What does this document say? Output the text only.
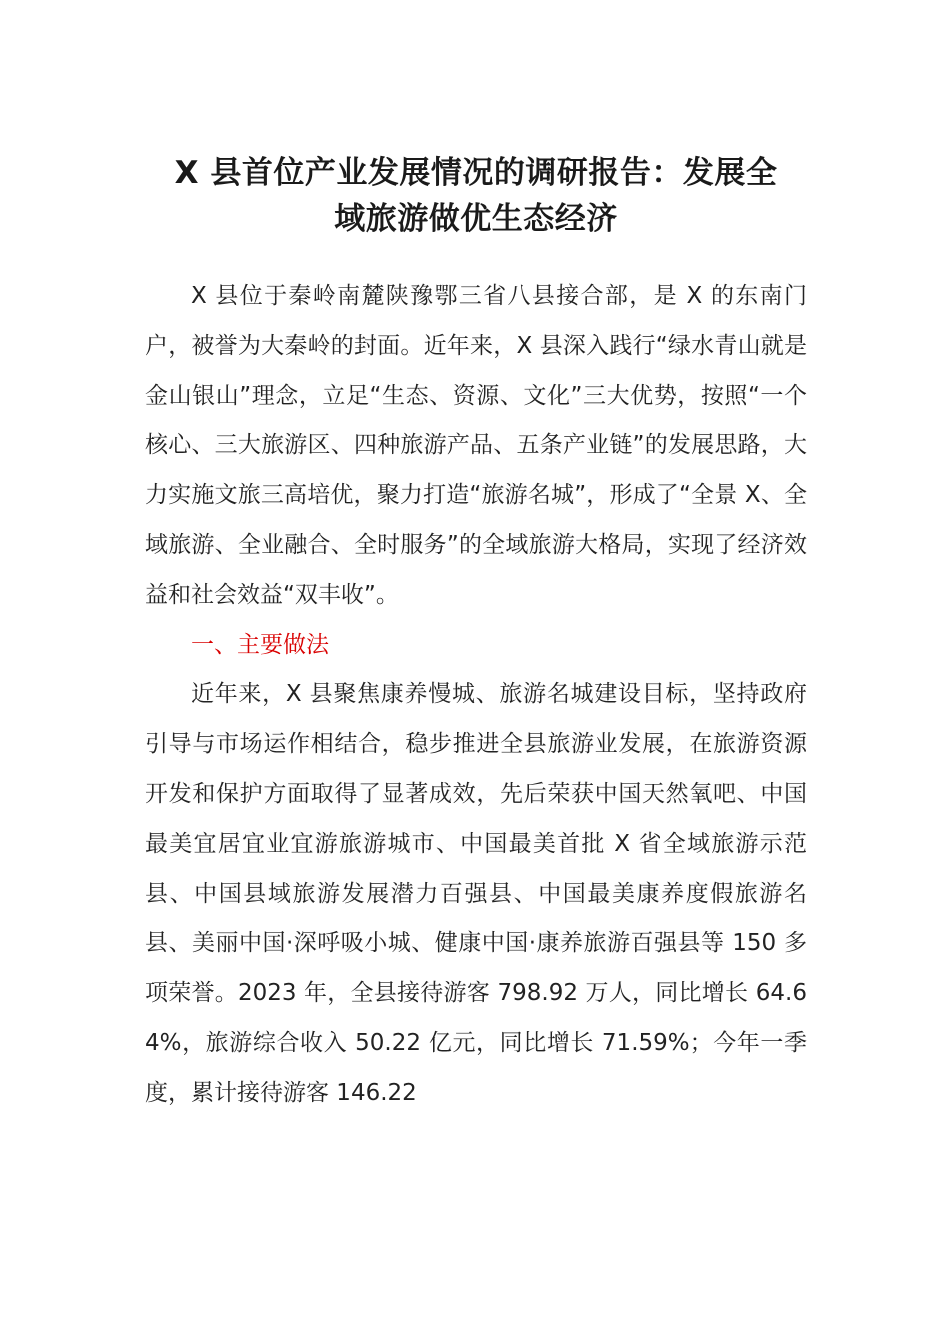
X 县首位产业发展情况的调研报告：发展全
域旅游做优生态经济

X 县位于秦岭南麓陕豫鄂三省八县接合部，是 X 的东南门户，被誉为大秦岭的封面。近年来，X 县深入践行“绿水青山就是金山银山”理念，立足“生态、资源、文化”三大优势，按照“一个核心、三大旅游区、四种旅游产品、五条产业链”的发展思路，大力实施文旅三高培优，聚力打造“旅游名城”，形成了“全景 X、全域旅游、全业融合、全时服务”的全域旅游大格局，实现了经济效益和社会效益“双丰收”。

一、主要做法

近年来，X 县聚焦康养慢城、旅游名城建设目标，坚持政府引导与市场运作相结合，稳步推进全县旅游业发展，在旅游资源开发和保护方面取得了显著成效，先后荣获中国天然氧吧、中国最美宜居宜业宜游旅游城市、中国最美首批 X 省全域旅游示范县、中国县域旅游发展潜力百强县、中国最美康养度假旅游名县、美丽中国·深呼吸小城、健康中国·康养旅游百强县等 150 多项荣誉。2023 年，全县接待游客 798.92 万人，同比增长 64.64%，旅游综合收入 50.22 亿元，同比增长 71.59%；今年一季度，累计接待游客 146.22
